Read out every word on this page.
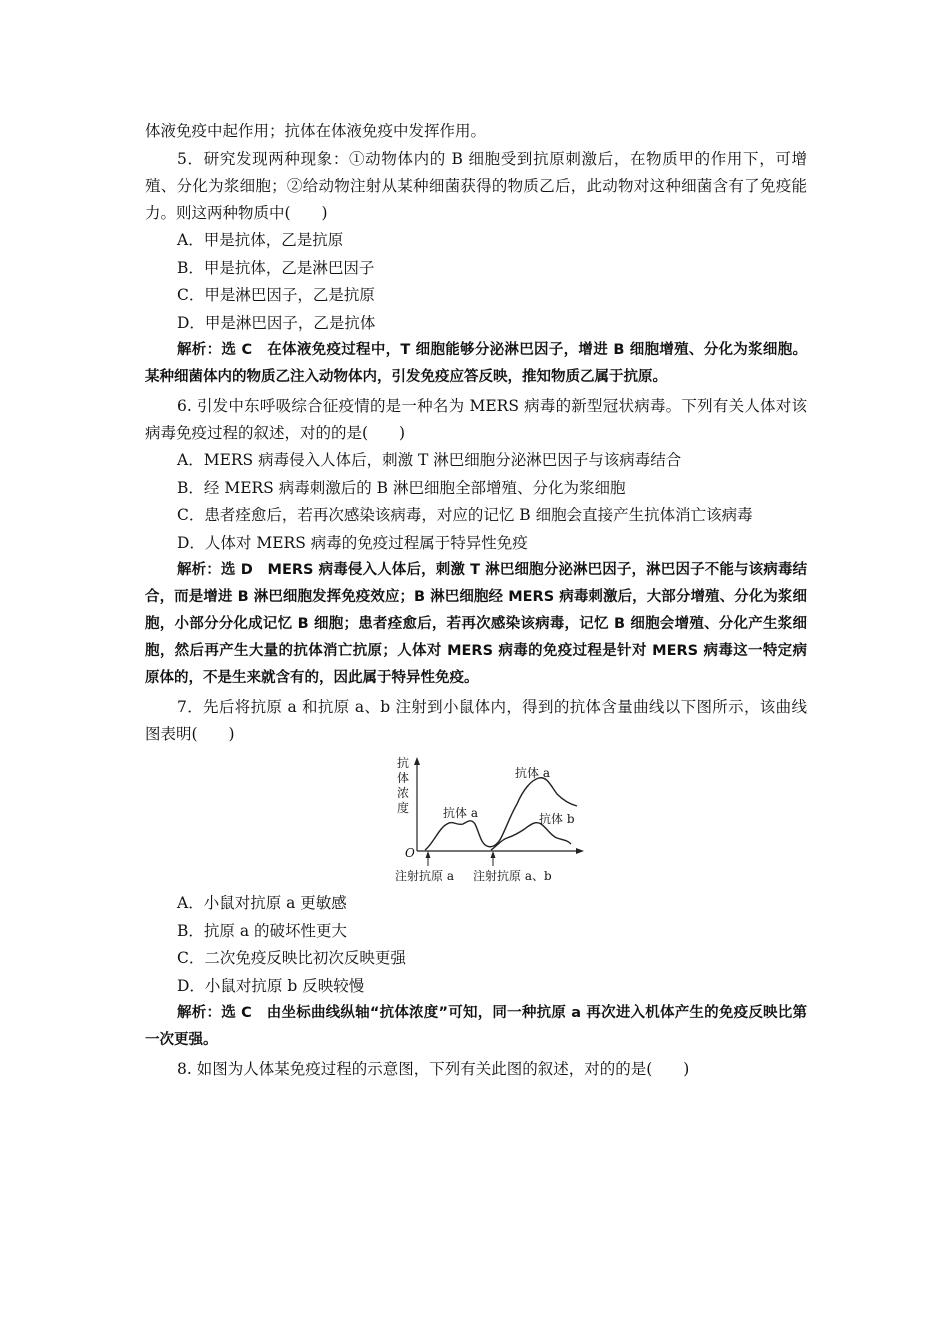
体液免疫中起作用；抗体在体液免疫中发挥作用。
5．研究发现两种现象：①动物体内的 B 细胞受到抗原刺激后，在物质甲的作用下，可增殖、分化为浆细胞；②给动物注射从某种细菌获得的物质乙后，此动物对这种细菌含有了免疫能力。则这两种物质中(　　)
A．甲是抗体，乙是抗原
B．甲是抗体，乙是淋巴因子
C．甲是淋巴因子，乙是抗原
D．甲是淋巴因子，乙是抗体
解析：选 C　在体液免疫过程中，T 细胞能够分泌淋巴因子，增进 B 细胞增殖、分化为浆细胞。某种细菌体内的物质乙注入动物体内，引发免疫应答反映，推知物质乙属于抗原。
6. 引发中东呼吸综合征疫情的是一种名为 MERS 病毒的新型冠状病毒。下列有关人体对该病毒免疫过程的叙述，对的的是(　　)
A．MERS 病毒侵入人体后，刺激 T 淋巴细胞分泌淋巴因子与该病毒结合
B．经 MERS 病毒刺激后的 B 淋巴细胞全部增殖、分化为浆细胞
C．患者痊愈后，若再次感染该病毒，对应的记忆 B 细胞会直接产生抗体消亡该病毒
D．人体对 MERS 病毒的免疫过程属于特异性免疫
解析：选 D　MERS 病毒侵入人体后，刺激 T 淋巴细胞分泌淋巴因子，淋巴因子不能与该病毒结合，而是增进 B 淋巴细胞发挥免疫效应；B 淋巴细胞经 MERS 病毒刺激后，大部分增殖、分化为浆细胞，小部分分化成记忆 B 细胞；患者痊愈后，若再次感染该病毒，记忆 B 细胞会增殖、分化产生浆细胞，然后再产生大量的抗体消亡抗原；人体对 MERS 病毒的免疫过程是针对 MERS 病毒这一特定病原体的，不是生来就含有的，因此属于特异性免疫。
7．先后将抗原 a 和抗原 a、b 注射到小鼠体内，得到的抗体含量曲线以下图所示，该曲线图表明(　　)
抗体浓度
O
抗体 a
抗体 a
抗体 b
注射抗原 a 注射抗原 a、b
A．小鼠对抗原 a 更敏感
B．抗原 a 的破坏性更大
C．二次免疫反映比初次反映更强
D．小鼠对抗原 b 反映较慢
解析：选 C　由坐标曲线纵轴“抗体浓度”可知，同一种抗原 a 再次进入机体产生的免疫反映比第一次更强。
8. 如图为人体某免疫过程的示意图，下列有关此图的叙述，对的的是(　　)
